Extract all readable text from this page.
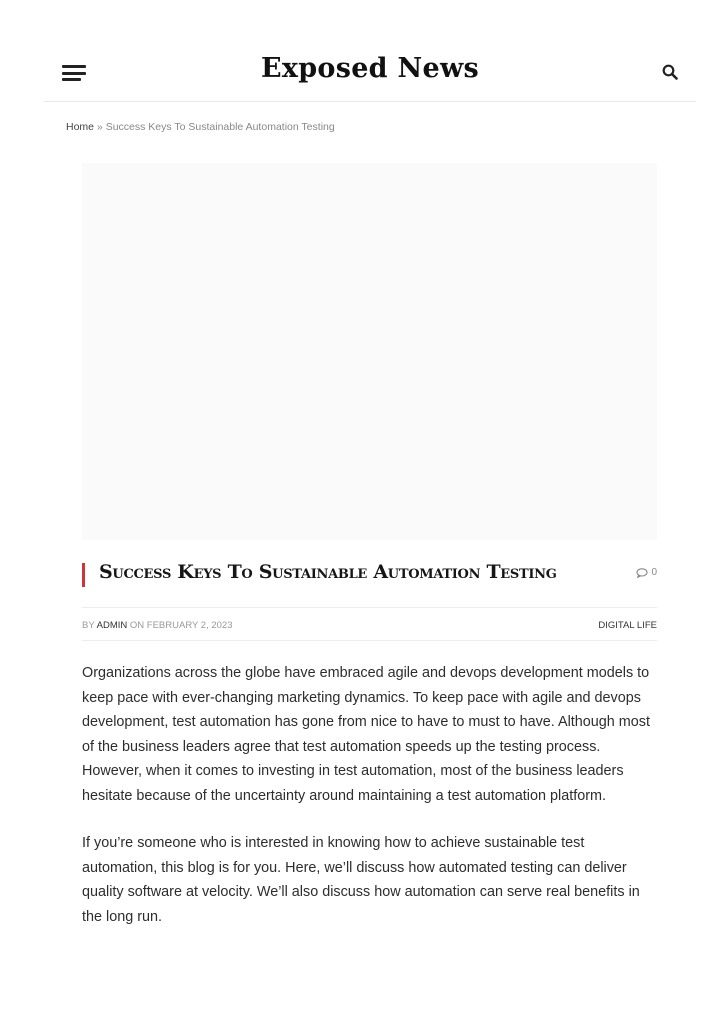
Exposed News
Home » Success Keys To Sustainable Automation Testing
Success Keys To Sustainable Automation Testing	0
BY ADMIN ON FEBRUARY 2, 2023	DIGITAL LIFE

Organizations across the globe have embraced agile and devops development models to keep pace with ever-changing marketing dynamics. To keep pace with agile and devops development, test automation has gone from nice to have to must to have. Although most of the business leaders agree that test automation speeds up the testing process. However, when it comes to investing in test automation, most of the business leaders hesitate because of the uncertainty around maintaining a test automation platform.

If you’re someone who is interested in knowing how to achieve sustainable test automation, this blog is for you. Here, we’ll discuss how automated testing can deliver quality software at velocity. We’ll also discuss how automation can serve real benefits in the long run.
